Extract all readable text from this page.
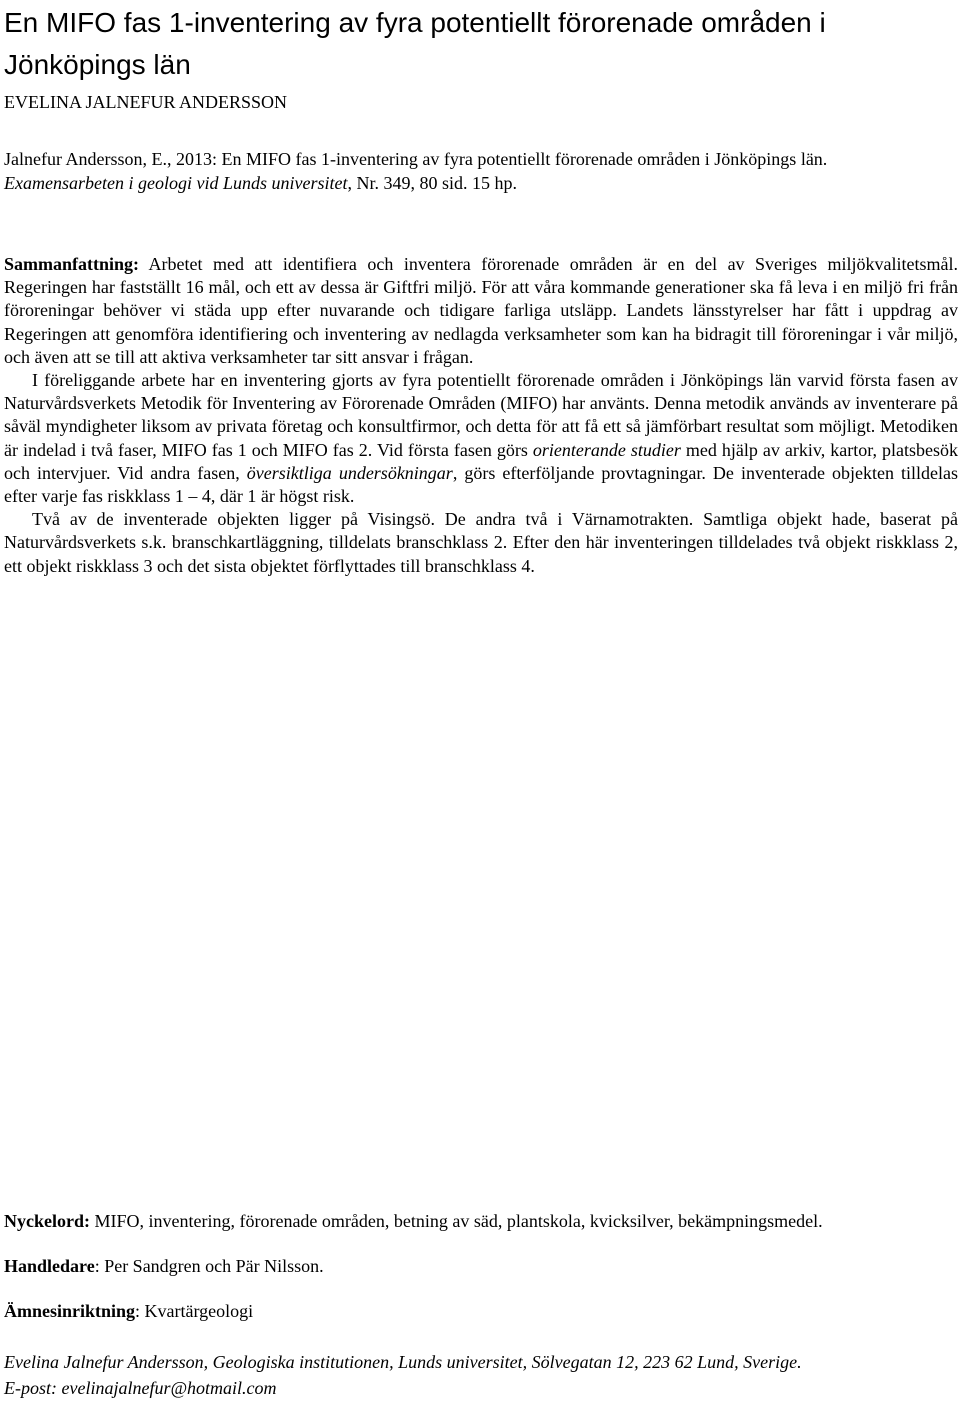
En MIFO fas 1-inventering av fyra potentiellt förorenade områden i Jönköpings län
EVELINA JALNEFUR ANDERSSON
Jalnefur Andersson, E., 2013: En MIFO fas 1-inventering av fyra potentiellt förorenade områden i Jönköpings län.
Examensarbeten i geologi vid Lunds universitet, Nr. 349, 80 sid. 15 hp.

Sammanfattning: Arbetet med att identifiera och inventera förorenade områden är en del av Sveriges miljökvalitetsmål. Regeringen har fastställt 16 mål, och ett av dessa är Giftfri miljö. För att våra kommande generationer ska få leva i en miljö fri från föroreningar behöver vi städa upp efter nuvarande och tidigare farliga utsläpp. Landets länsstyrelser har fått i uppdrag av Regeringen att genomföra identifiering och inventering av nedlagda verksamheter som kan ha bidragit till föroreningar i vår miljö, och även att se till att aktiva verksamheter tar sitt ansvar i frågan.

I föreliggande arbete har en inventering gjorts av fyra potentiellt förorenade områden i Jönköpings län varvid första fasen av Naturvårdsverkets Metodik för Inventering av Förorenade Områden (MIFO) har använts. Denna metodik används av inventerare på såväl myndigheter liksom av privata företag och konsultfirmor, och detta för att få ett så jämförbart resultat som möjligt. Metodiken är indelad i två faser, MIFO fas 1 och MIFO fas 2. Vid första fasen görs orienterande studier med hjälp av arkiv, kartor, platsbesök och intervjuer. Vid andra fasen, översiktliga undersökningar, görs efterföljande provtagningar. De inventerade objekten tilldelas efter varje fas riskklass 1 – 4, där 1 är högst risk.

Två av de inventerade objekten ligger på Visingsö. De andra två i Värnamotrakten. Samtliga objekt hade, baserat på Naturvårdsverkets s.k. branschkartläggning, tilldelats branschklass 2. Efter den här inventeringen tilldelades två objekt riskklass 2, ett objekt riskklass 3 och det sista objektet förflyttades till branschklass 4.

Nyckelord: MIFO, inventering, förorenade områden, betning av säd, plantskola, kvicksilver, bekämpningsmedel.
Handledare: Per Sandgren och Pär Nilsson.
Ämnesinriktning: Kvartärgeologi
Evelina Jalnefur Andersson, Geologiska institutionen, Lunds universitet, Sölvegatan 12, 223 62 Lund, Sverige.
E-post: evelinajalnefur@hotmail.com
